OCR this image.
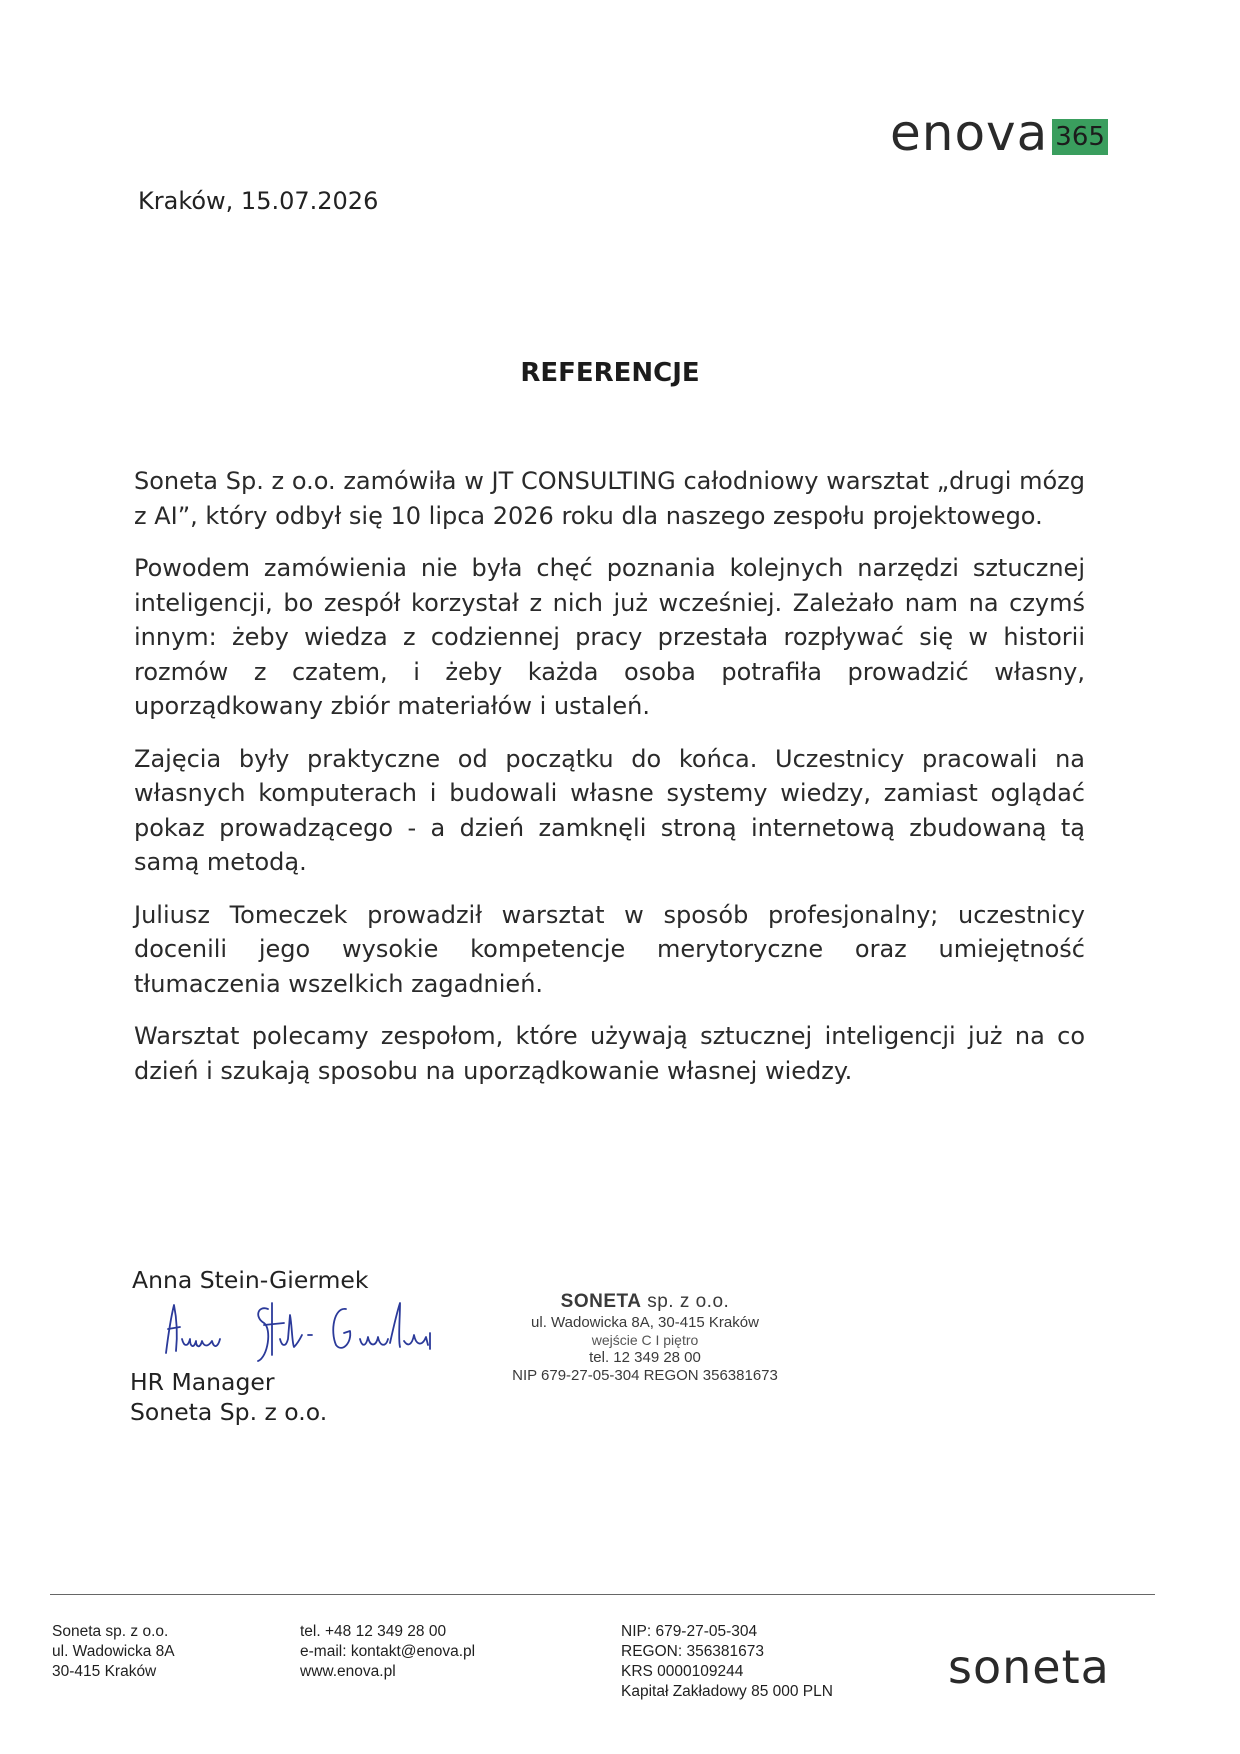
enova 365
Kraków, 15.07.2026
REFERENCJE

Soneta Sp. z o.o. zamówiła w JT CONSULTING całodniowy warsztat „drugi mózg z AI”, który odbył się 10 lipca 2026 roku dla naszego zespołu projektowego.

Powodem zamówienia nie była chęć poznania kolejnych narzędzi sztucznej inteligencji, bo zespół korzystał z nich już wcześniej. Zależało nam na czymś innym: żeby wiedza z codziennej pracy przestała rozpływać się w historii rozmów z czatem, i żeby każda osoba potrafiła prowadzić własny, uporządkowany zbiór materiałów i ustaleń.

Zajęcia były praktyczne od początku do końca. Uczestnicy pracowali na własnych komputerach i budowali własne systemy wiedzy, zamiast oglądać pokaz prowadzącego - a dzień zamknęli stroną internetową zbudowaną tą samą metodą.

Juliusz Tomeczek prowadził warsztat w sposób profesjonalny; uczestnicy docenili jego wysokie kompetencje merytoryczne oraz umiejętność tłumaczenia wszelkich zagadnień.

Warsztat polecamy zespołom, które używają sztucznej inteligencji już na co dzień i szukają sposobu na uporządkowanie własnej wiedzy.

Anna Stein-Giermek
HR Manager
Soneta Sp. z o.o.
SONETA sp. z o.o.
ul. Wadowicka 8A, 30-415 Kraków
wejście C I piętro
tel. 12 349 28 00
NIP 679-27-05-304 REGON 356381673
Soneta sp. z o.o.
ul. Wadowicka 8A
30-415 Kraków
tel. +48 12 349 28 00
e-mail: kontakt@enova.pl
www.enova.pl
NIP: 679-27-05-304
REGON: 356381673
KRS 0000109244
Kapitał Zakładowy 85 000 PLN	soneta
